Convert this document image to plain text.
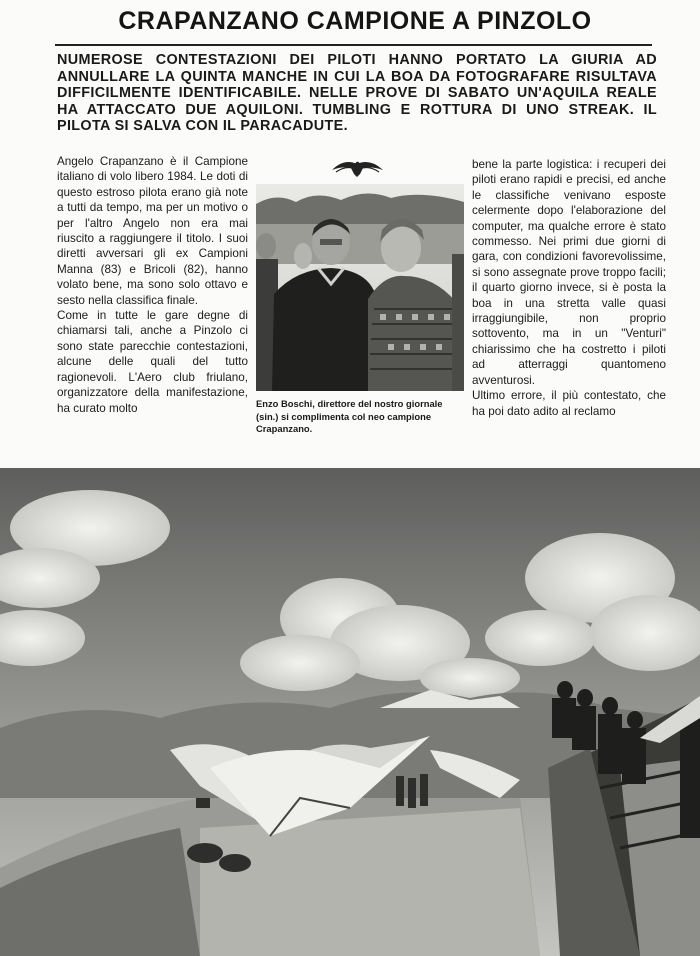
CRAPANZANO CAMPIONE A PINZOLO
NUMEROSE CONTESTAZIONI DEI PILOTI HANNO PORTATO LA GIURIA AD ANNULLARE LA QUINTA MANCHE IN CUI LA BOA DA FOTOGRAFARE RISULTAVA DIFFICILMENTE IDENTIFICABILE. NELLE PROVE DI SABATO UN'AQUILA REALE HA ATTACCATO DUE AQUILONI. TUMBLING E ROTTURA DI UNO STREAK. IL PILOTA SI SALVA CON IL PARACADUTE.

Angelo Crapanzano è il Campione italiano di volo libero 1984. Le doti di questo estroso pilota erano già note a tutti da tempo, ma per un motivo o per l'altro Angelo non era mai riuscito a raggiungere il titolo. I suoi diretti avversari gli ex Campioni Manna (83) e Bricoli (82), hanno volato bene, ma sono solo ottavo e sesto nella classifica finale.

Come in tutte le gare degne di chiamarsi tali, anche a Pinzolo ci sono state parecchie contestazioni, alcune delle quali del tutto ragionevoli. L'Aero club friulano, organizzatore della manifestazione, ha curato molto	Enzo Boschi, direttore del nostro giornale (sin.) si complimenta col neo campione Crapanzano.

bene la parte logistica: i recuperi dei piloti erano rapidi e precisi, ed anche le classifiche venivano esposte celermente dopo l'elaborazione del computer, ma qualche errore è stato commesso. Nei primi due giorni di gara, con condizioni favorevolissime, si sono assegnate prove troppo facili; il quarto giorno invece, si è posta la boa in una stretta valle quasi irraggiungibile, non proprio sottovento, ma in un "Venturi" chiarissimo che ha costretto i piloti ad atterraggi quantomeno avventurosi.

Ultimo errore, il più contestato, che ha poi dato adito al reclamo
